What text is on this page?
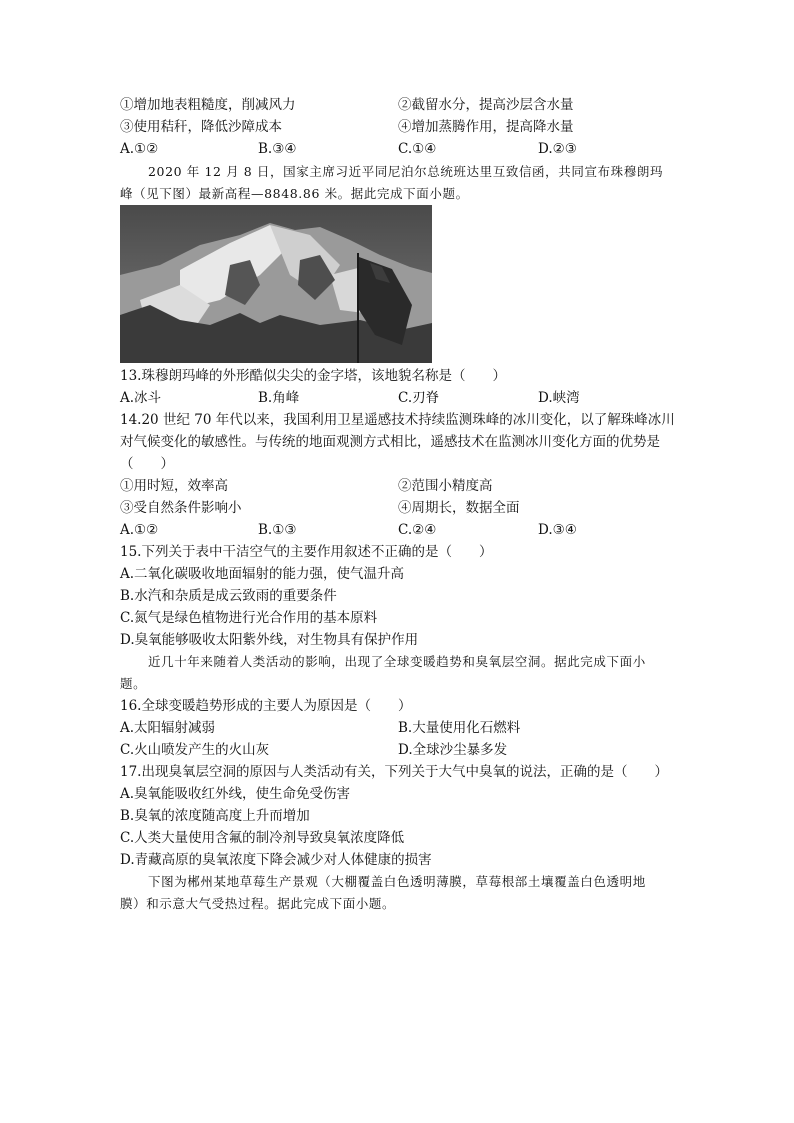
①增加地表粗糙度，削减风力	②截留水分，提高沙层含水量
③使用秸秆，降低沙障成本	④增加蒸腾作用，提高降水量
A.①②	B.③④	C.①④	D.②③
2020 年 12 月 8 日，国家主席习近平同尼泊尔总统班达里互致信函，共同宣布珠穆朗玛
峰（见下图）最新高程—8848.86 米。据此完成下面小题。
13.珠穆朗玛峰的外形酷似尖尖的金字塔，该地貌名称是（　　）
A.冰斗	B.角峰	C.刃脊	D.峡湾
14.20 世纪 70 年代以来，我国利用卫星遥感技术持续监测珠峰的冰川变化，以了解珠峰冰川
对气候变化的敏感性。与传统的地面观测方式相比，遥感技术在监测冰川变化方面的优势是
（　　）
①用时短，效率高	②范围小精度高
③受自然条件影响小	④周期长，数据全面
A.①②	B.①③	C.②④	D.③④
15.下列关于表中干洁空气的主要作用叙述不正确的是（　　）
A.二氧化碳吸收地面辐射的能力强，使气温升高
B.水汽和杂质是成云致雨的重要条件
C.氮气是绿色植物进行光合作用的基本原料
D.臭氧能够吸收太阳紫外线，对生物具有保护作用
近几十年来随着人类活动的影响，出现了全球变暖趋势和臭氧层空洞。据此完成下面小
题。
16.全球变暖趋势形成的主要人为原因是（　　）
A.太阳辐射减弱	B.大量使用化石燃料
C.火山喷发产生的火山灰	D.全球沙尘暴多发
17.出现臭氧层空洞的原因与人类活动有关，下列关于大气中臭氧的说法，正确的是（　　）
A.臭氧能吸收红外线，使生命免受伤害
B.臭氧的浓度随高度上升而增加
C.人类大量使用含氟的制冷剂导致臭氧浓度降低
D.青藏高原的臭氧浓度下降会减少对人体健康的损害
下图为郴州某地草莓生产景观（大棚覆盖白色透明薄膜，草莓根部土壤覆盖白色透明地
膜）和示意大气受热过程。据此完成下面小题。
